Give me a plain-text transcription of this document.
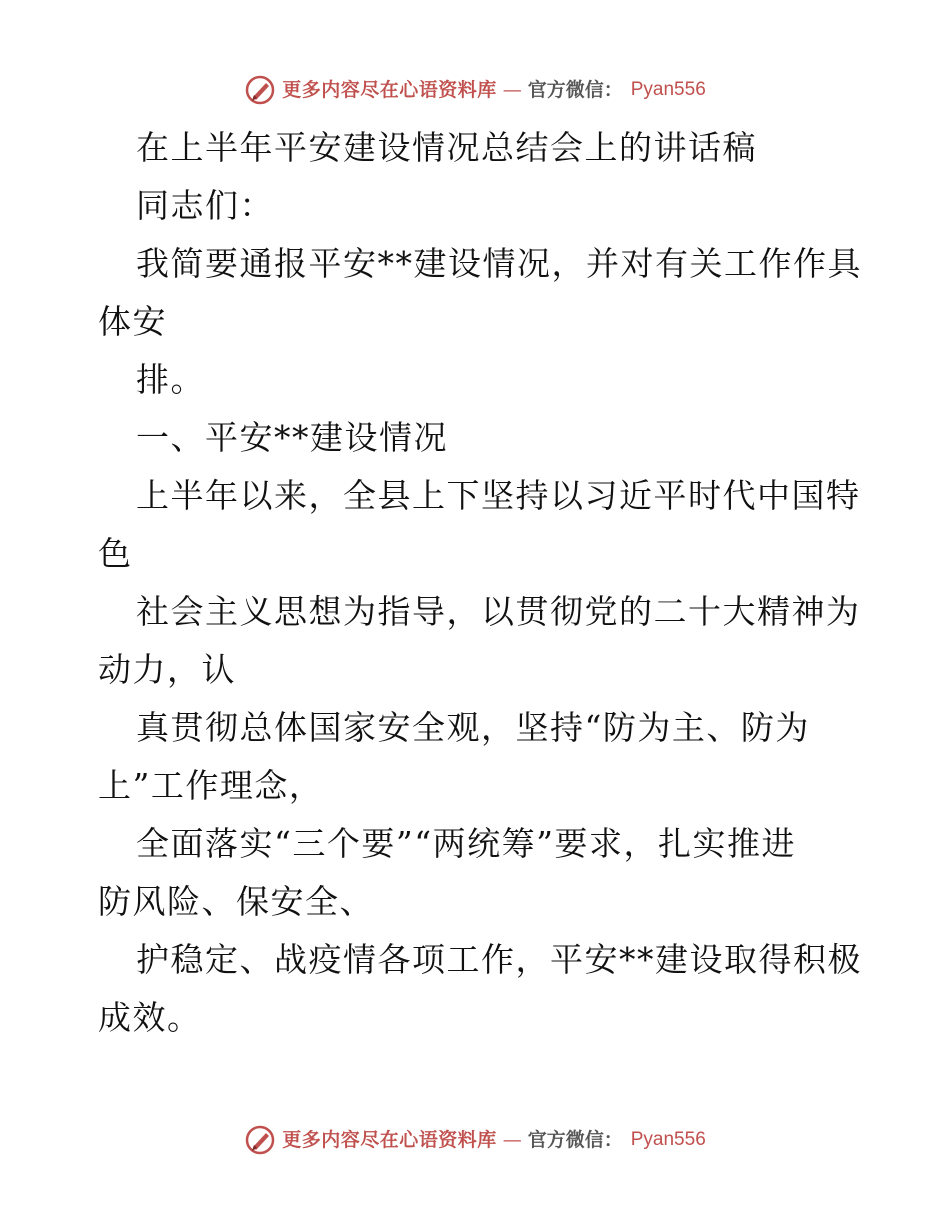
更多内容尽在心语资料库 — 官方微信： Pyan556
在上半年平安建设情况总结会上的讲话稿
同志们：
我简要通报平安**建设情况，并对有关工作作具
体安
排。
一、平安**建设情况
上半年以来，全县上下坚持以习近平时代中国特
色
社会主义思想为指导，以贯彻党的二十大精神为
动力，认
真贯彻总体国家安全观，坚持“防为主、防为
上”工作理念，
全面落实“三个要”“两统筹”要求，扎实推进
防风险、保安全、
护稳定、战疫情各项工作，平安**建设取得积极
成效。
更多内容尽在心语资料库 — 官方微信： Pyan556
